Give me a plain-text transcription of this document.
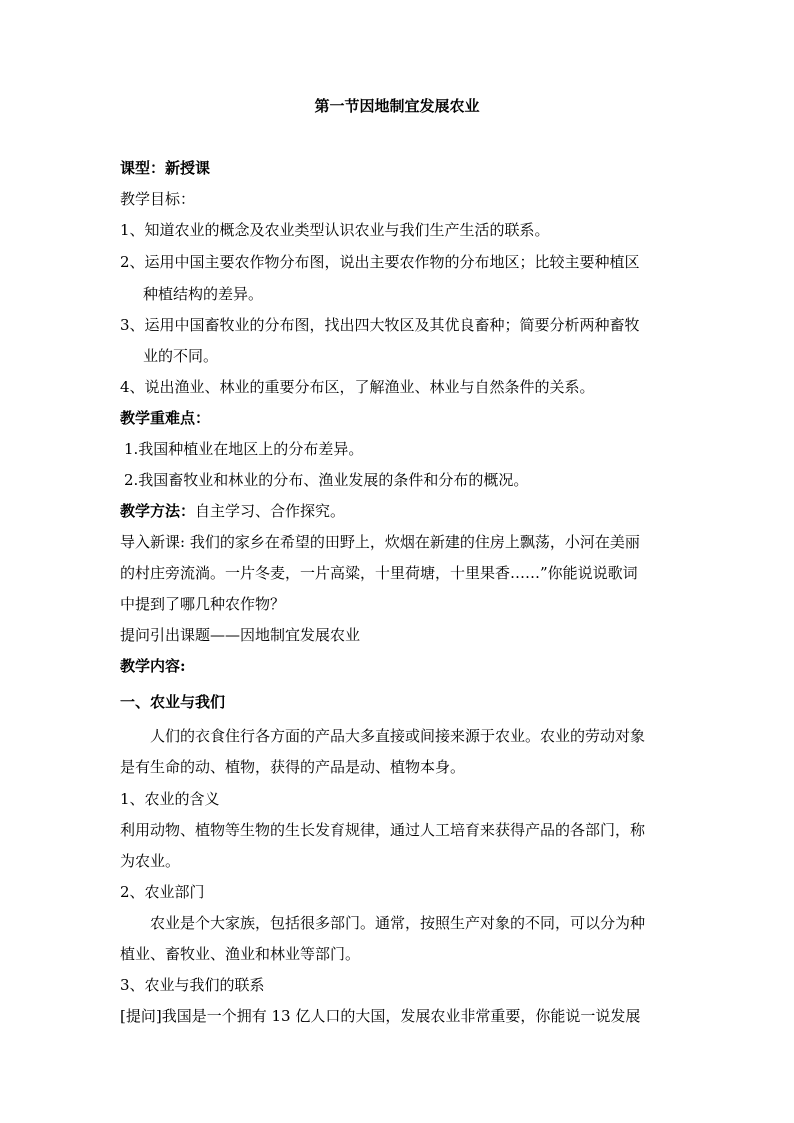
第一节因地制宜发展农业
课型：新授课
教学目标：
1、知道农业的概念及农业类型认识农业与我们生产生活的联系。
2、运用中国主要农作物分布图，说出主要农作物的分布地区；比较主要种植区
种植结构的差异。
3、运用中国畜牧业的分布图，找出四大牧区及其优良畜种；简要分析两种畜牧
业的不同。
4、说出渔业、林业的重要分布区，了解渔业、林业与自然条件的关系。
教学重难点：
1.我国种植业在地区上的分布差异。
2.我国畜牧业和林业的分布、渔业发展的条件和分布的概况。
教学方法：自主学习、合作探究。
导入新课: 我们的家乡在希望的田野上，炊烟在新建的住房上飘荡，小河在美丽
的村庄旁流淌。一片冬麦，一片高粱，十里荷塘，十里果香……”你能说说歌词
中提到了哪几种农作物？
提问引出课题——因地制宜发展农业
教学内容:
一、农业与我们
人们的衣食住行各方面的产品大多直接或间接来源于农业。农业的劳动对象
是有生命的动、植物，获得的产品是动、植物本身。
1、农业的含义
利用动物、植物等生物的生长发育规律，通过人工培育来获得产品的各部门，称
为农业。
2、农业部门
农业是个大家族，包括很多部门。通常，按照生产对象的不同，可以分为种
植业、畜牧业、渔业和林业等部门。
3、农业与我们的联系
[提问]我国是一个拥有 13 亿人口的大国，发展农业非常重要，你能说一说发展
